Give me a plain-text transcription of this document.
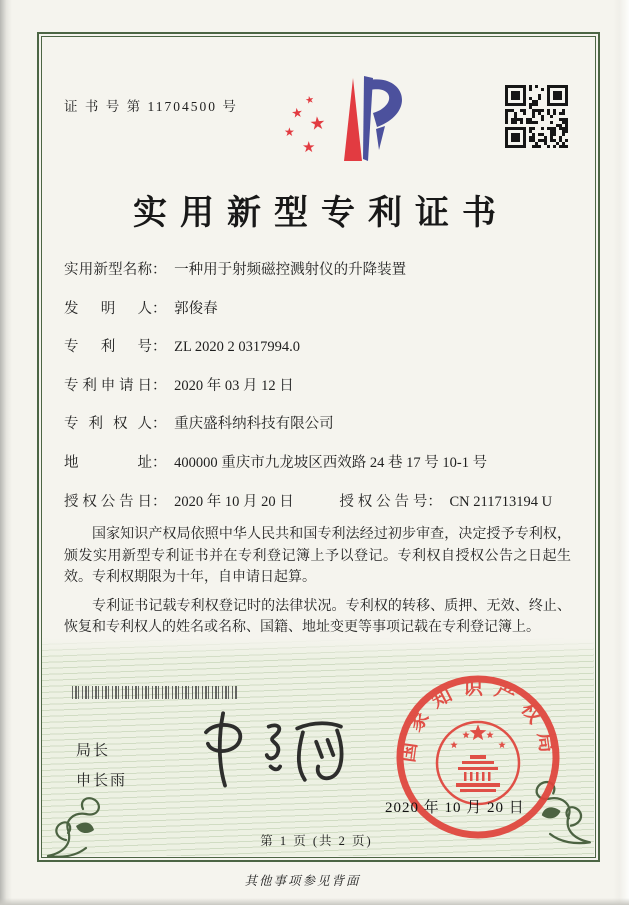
证 书 号 第 11704500 号	★
★ ★
★
★
实用新型专利证书
实用新型名称： 一种用于射频磁控溅射仪的升降装置
发明人： 郭俊春
专利号： ZL 2020 2 0317994.0
专利申请日： 2020 年 03 月 12 日
专利权人： 重庆盛科纳科技有限公司
地址： 400000 重庆市九龙坡区西效路 24 巷 17 号 10-1 号
授权公告日： 2020 年 10 月 20 日	授权公告号： CN 211713194 U

国家知识产权局依照中华人民共和国专利法经过初步审查，决定授予专利权，颁发实用新型专利证书并在专利登记簿上予以登记。专利权自授权公告之日起生效。专利权期限为十年，自申请日起算。

专利证书记载专利权登记时的法律状况。专利权的转移、质押、无效、终止、恢复和专利权人的姓名或名称、国籍、地址变更等事项记载在专利登记簿上。

局长
申长雨
国家知识产权局
2020 年 10 月 20 日
第 1 页 (共 2 页)
其他事项参见背面
